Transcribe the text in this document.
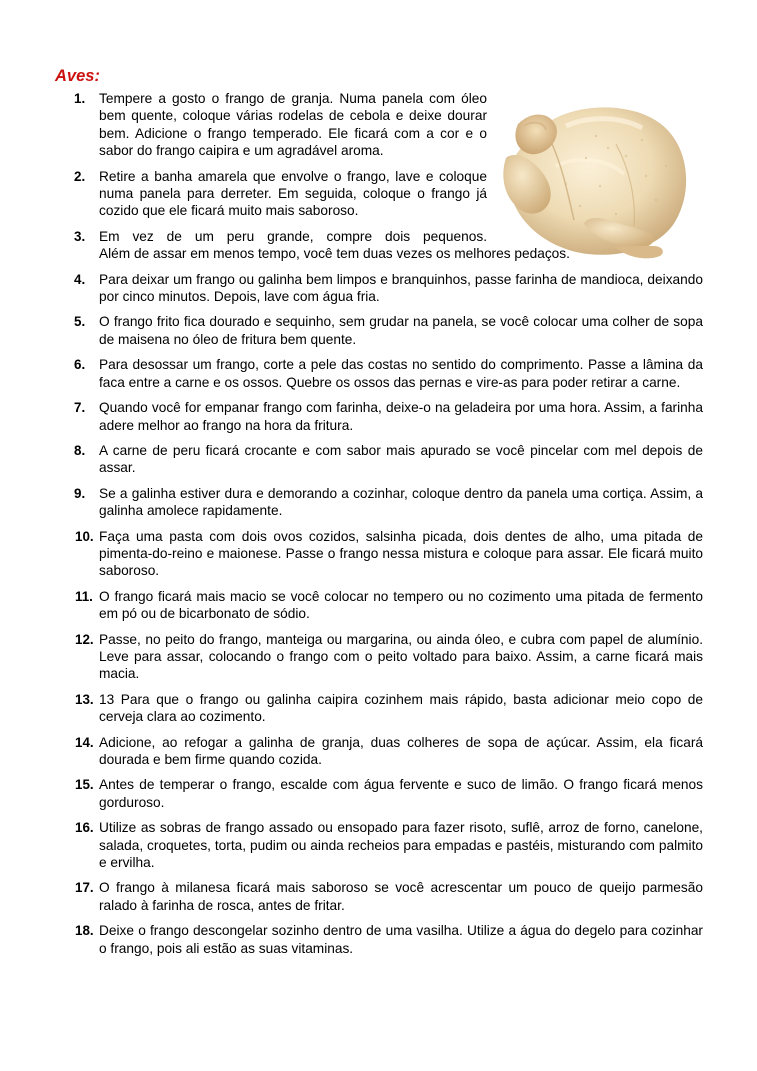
Aves:
1.	Tempere a gosto o frango de granja. Numa panela com óleo bem quente, coloque várias rodelas de cebola e deixe dourar bem. Adicione o frango temperado. Ele ficará com a cor e o sabor do frango caipira e um agradável aroma.
2.	Retire a banha amarela que envolve o frango, lave e coloque numa panela para derreter. Em seguida, coloque o frango já cozido que ele ficará muito mais saboroso.
3.	Em vez de um peru grande, compre dois pequenos.
Além de assar em menos tempo, você tem duas vezes os melhores pedaços.
4.	Para deixar um frango ou galinha bem limpos e branquinhos, passe farinha de mandioca, deixando por cinco minutos. Depois, lave com água fria.
5.	O frango frito fica dourado e sequinho, sem grudar na panela, se você colocar uma colher de sopa de maisena no óleo de fritura bem quente.
6.	Para desossar um frango, corte a pele das costas no sentido do comprimento. Passe a lâmina da faca entre a carne e os ossos. Quebre os ossos das pernas e vire-as para poder retirar a carne.
7.	Quando você for empanar frango com farinha, deixe-o na geladeira por uma hora. Assim, a farinha adere melhor ao frango na hora da fritura.
8.	A carne de peru ficará crocante e com sabor mais apurado se você pincelar com mel depois de assar.
9.	Se a galinha estiver dura e demorando a cozinhar, coloque dentro da panela uma cortiça. Assim, a galinha amolece rapidamente.
10. Faça uma pasta com dois ovos cozidos, salsinha picada, dois dentes de alho, uma pitada de pimenta-do-reino e maionese. Passe o frango nessa mistura e coloque para assar. Ele ficará muito saboroso.
11. O frango ficará mais macio se você colocar no tempero ou no cozimento uma pitada de fermento em pó ou de bicarbonato de sódio.
12. Passe, no peito do frango, manteiga ou margarina, ou ainda óleo, e cubra com papel de alumínio. Leve para assar, colocando o frango com o peito voltado para baixo. Assim, a carne ficará mais macia.
13. 13 Para que o frango ou galinha caipira cozinhem mais rápido, basta adicionar meio copo de cerveja clara ao cozimento.
14. Adicione, ao refogar a galinha de granja, duas colheres de sopa de açúcar. Assim, ela ficará dourada e bem firme quando cozida.
15. Antes de temperar o frango, escalde com água fervente e suco de limão. O frango ficará menos gorduroso.
16. Utilize as sobras de frango assado ou ensopado para fazer risoto, suflê, arroz de forno, canelone, salada, croquetes, torta, pudim ou ainda recheios para empadas e pastéis, misturando com palmito e ervilha.
17. O frango à milanesa ficará mais saboroso se você acrescentar um pouco de queijo parmesão ralado à farinha de rosca, antes de fritar.
18. Deixe o frango descongelar sozinho dentro de uma vasilha. Utilize a água do degelo para cozinhar o frango, pois ali estão as suas vitaminas.
